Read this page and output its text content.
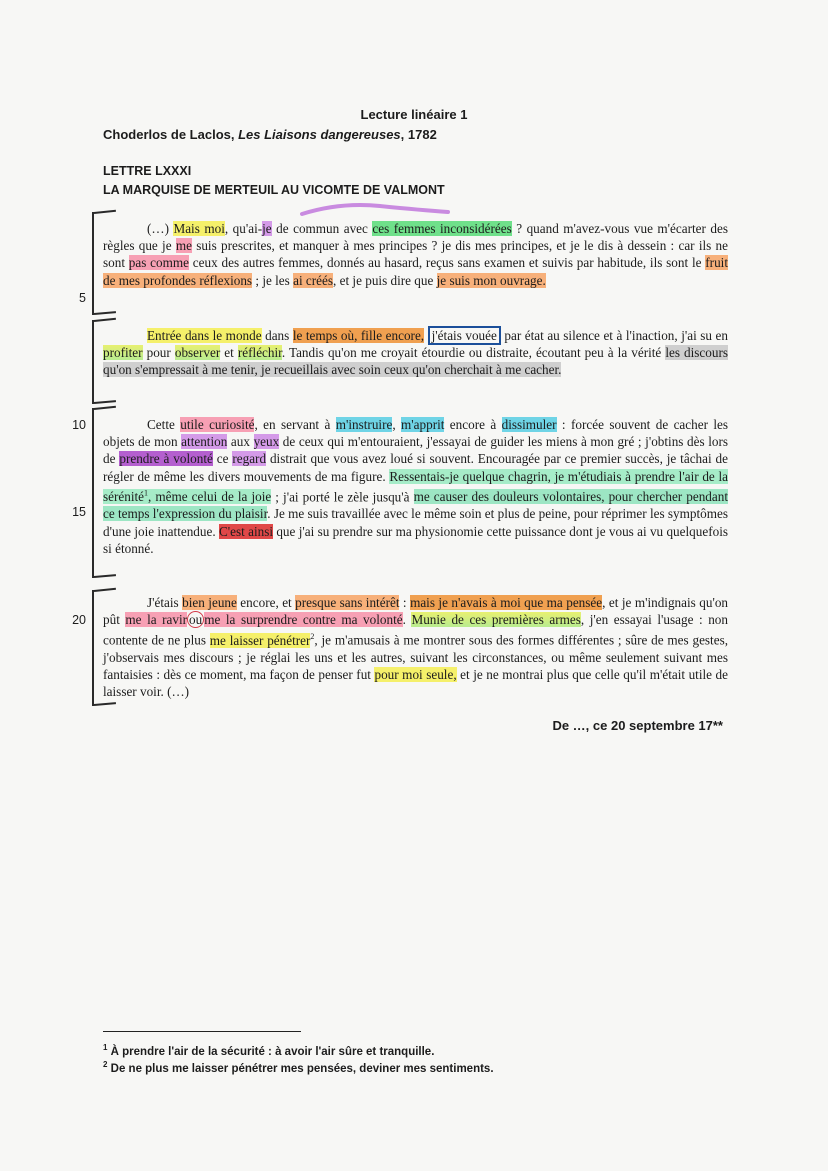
Lecture linéaire 1
Choderlos de Laclos, Les Liaisons dangereuses, 1782
LETTRE LXXXI
LA MARQUISE DE MERTEUIL AU VICOMTE DE VALMONT
5
10
15
20

(…) Mais moi, qu'ai-je de commun avec ces femmes inconsidérées ? quand m'avez-vous vue m'écarter des règles que je me suis prescrites, et manquer à mes principes ? je dis mes principes, et je le dis à dessein : car ils ne sont pas comme ceux des autres femmes, donnés au hasard, reçus sans examen et suivis par habitude, ils sont le fruit de mes profondes réflexions ; je les ai créés, et je puis dire que je suis mon ouvrage.

Entrée dans le monde dans le temps où, fille encore, j'étais vouée par état au silence et à l'inaction, j'ai su en profiter pour observer et réfléchir. Tandis qu'on me croyait étourdie ou distraite, écoutant peu à la vérité les discours qu'on s'empressait à me tenir, je recueillais avec soin ceux qu'on cherchait à me cacher.

Cette utile curiosité, en servant à m'instruire, m'apprit encore à dissimuler : forcée souvent de cacher les objets de mon attention aux yeux de ceux qui m'entouraient, j'essayai de guider les miens à mon gré ; j'obtins dès lors de prendre à volonté ce regard distrait que vous avez loué si souvent. Encouragée par ce premier succès, je tâchai de régler de même les divers mouvements de ma figure. Ressentais-je quelque chagrin, je m'étudiais à prendre l'air de la sérénité$^1$, même celui de la joie ; j'ai porté le zèle jusqu'à me causer des douleurs volontaires, pour chercher pendant ce temps l'expression du plaisir. Je me suis travaillée avec le même soin et plus de peine, pour réprimer les symptômes d'une joie inattendue. C'est ainsi que j'ai su prendre sur ma physionomie cette puissance dont je vous ai vu quelquefois si étonné.

J'étais bien jeune encore, et presque sans intérêt : mais je n'avais à moi que ma pensée, et je m'indignais qu'on pût me la ravir ou me la surprendre contre ma volonté. Munie de ces premières armes, j'en essayai l'usage : non contente de ne plus me laisser pénétrer$^2$, je m'amusais à me montrer sous des formes différentes ; sûre de mes gestes, j'observais mes discours ; je réglai les uns et les autres, suivant les circonstances, ou même seulement suivant mes fantaisies : dès ce moment, ma façon de penser fut pour moi seule, et je ne montrai plus que celle qu'il m'était utile de laisser voir. (…)

De …, ce 20 septembre 17**
$^1$ À prendre l'air de la sécurité : à avoir l'air sûre et tranquille.
$^2$ De ne plus me laisser pénétrer mes pensées, deviner mes sentiments.
